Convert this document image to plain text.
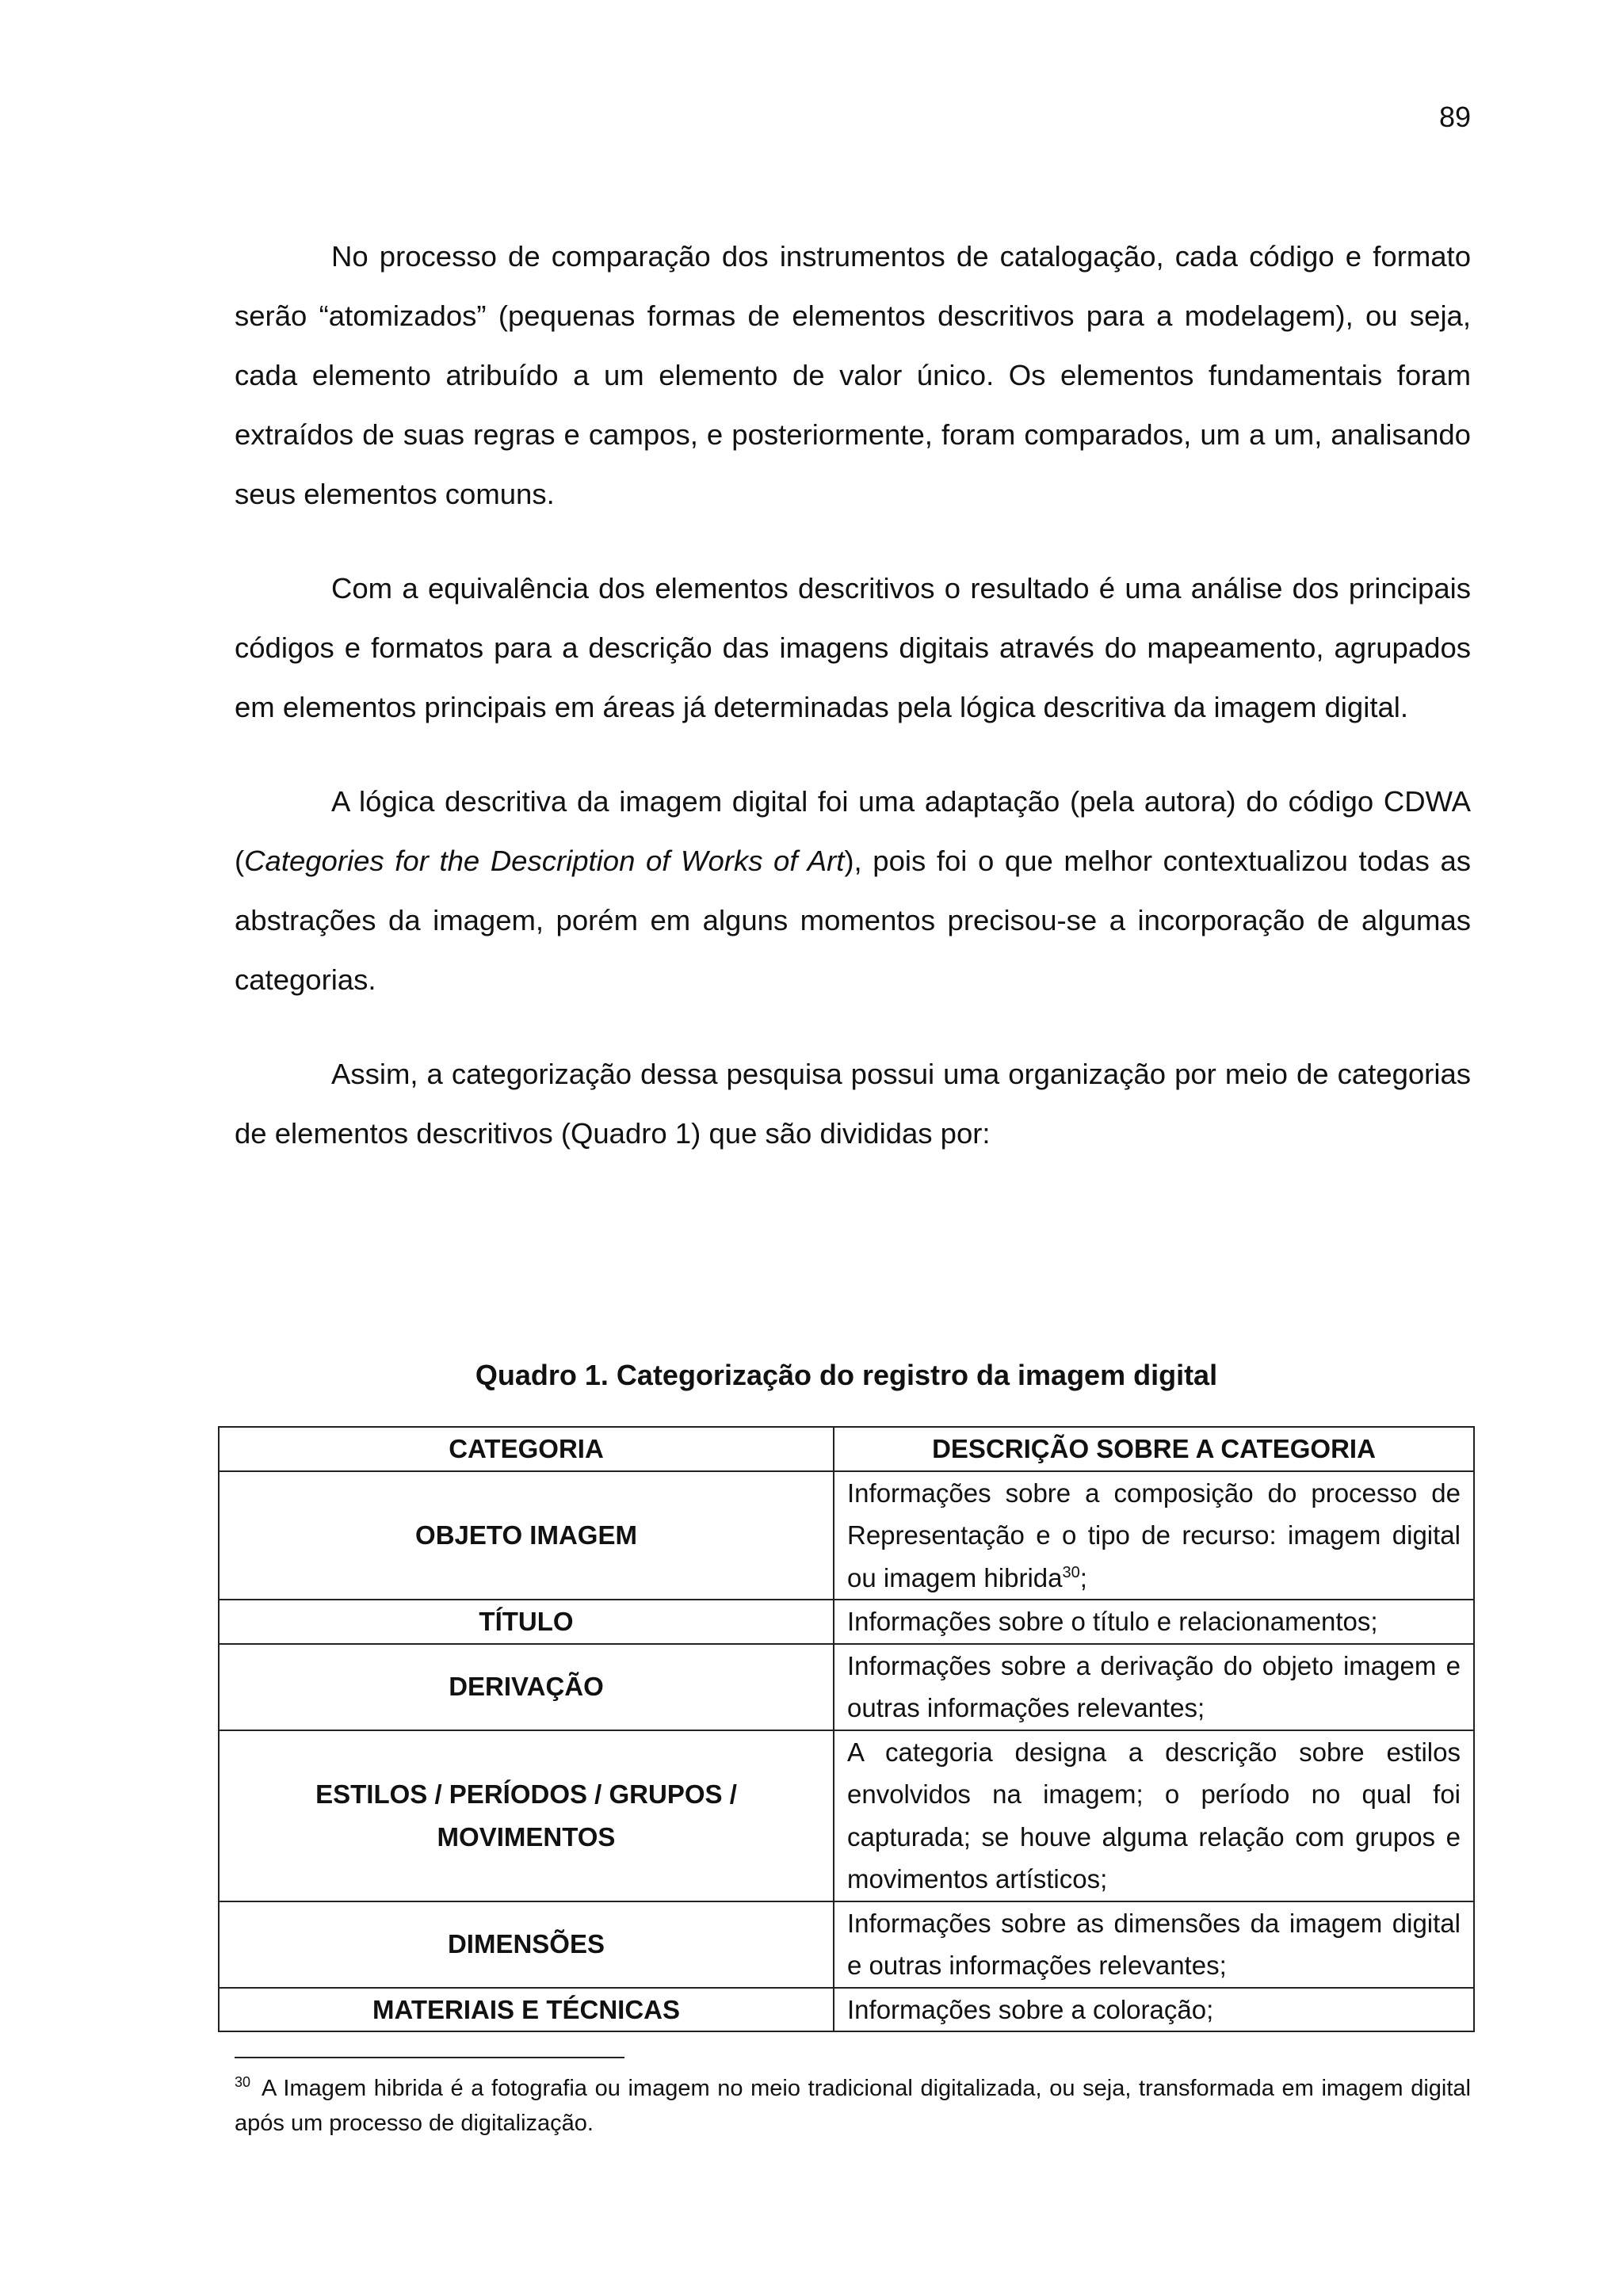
89

No processo de comparação dos instrumentos de catalogação, cada código e formato serão “atomizados” (pequenas formas de elementos descritivos para a modelagem), ou seja, cada elemento atribuído a um elemento de valor único. Os elementos fundamentais foram extraídos de suas regras e campos, e posteriormente, foram comparados, um a um, analisando seus elementos comuns.

Com a equivalência dos elementos descritivos o resultado é uma análise dos principais códigos e formatos para a descrição das imagens digitais através do mapeamento, agrupados em elementos principais em áreas já determinadas pela lógica descritiva da imagem digital.

A lógica descritiva da imagem digital foi uma adaptação (pela autora) do código CDWA (Categories for the Description of Works of Art), pois foi o que melhor contextualizou todas as abstrações da imagem, porém em alguns momentos precisou-se a incorporação de algumas categorias.

Assim, a categorização dessa pesquisa possui uma organização por meio de categorias de elementos descritivos (Quadro 1) que são divididas por:

Quadro 1. Categorização do registro da imagem digital
CATEGORIA	DESCRIÇÃO SOBRE A CATEGORIA
OBJETO IMAGEM	Informações sobre a composição do processo de Representação e o tipo de recurso: imagem digital ou imagem hibrida$^{30}$;
TÍTULO	Informações sobre o título e relacionamentos;
DERIVAÇÃO	Informações sobre a derivação do objeto imagem e outras informações relevantes;
ESTILOS / PERÍODOS / GRUPOS / MOVIMENTOS	A categoria designa a descrição sobre estilos envolvidos na imagem; o período no qual foi capturada; se houve alguma relação com grupos e movimentos artísticos;
DIMENSÕES	Informações sobre as dimensões da imagem digital e outras informações relevantes;
MATERIAIS E TÉCNICAS	Informações sobre a coloração;
$^{30}$ A Imagem hibrida é a fotografia ou imagem no meio tradicional digitalizada, ou seja, transformada em imagem digital após um processo de digitalização.
